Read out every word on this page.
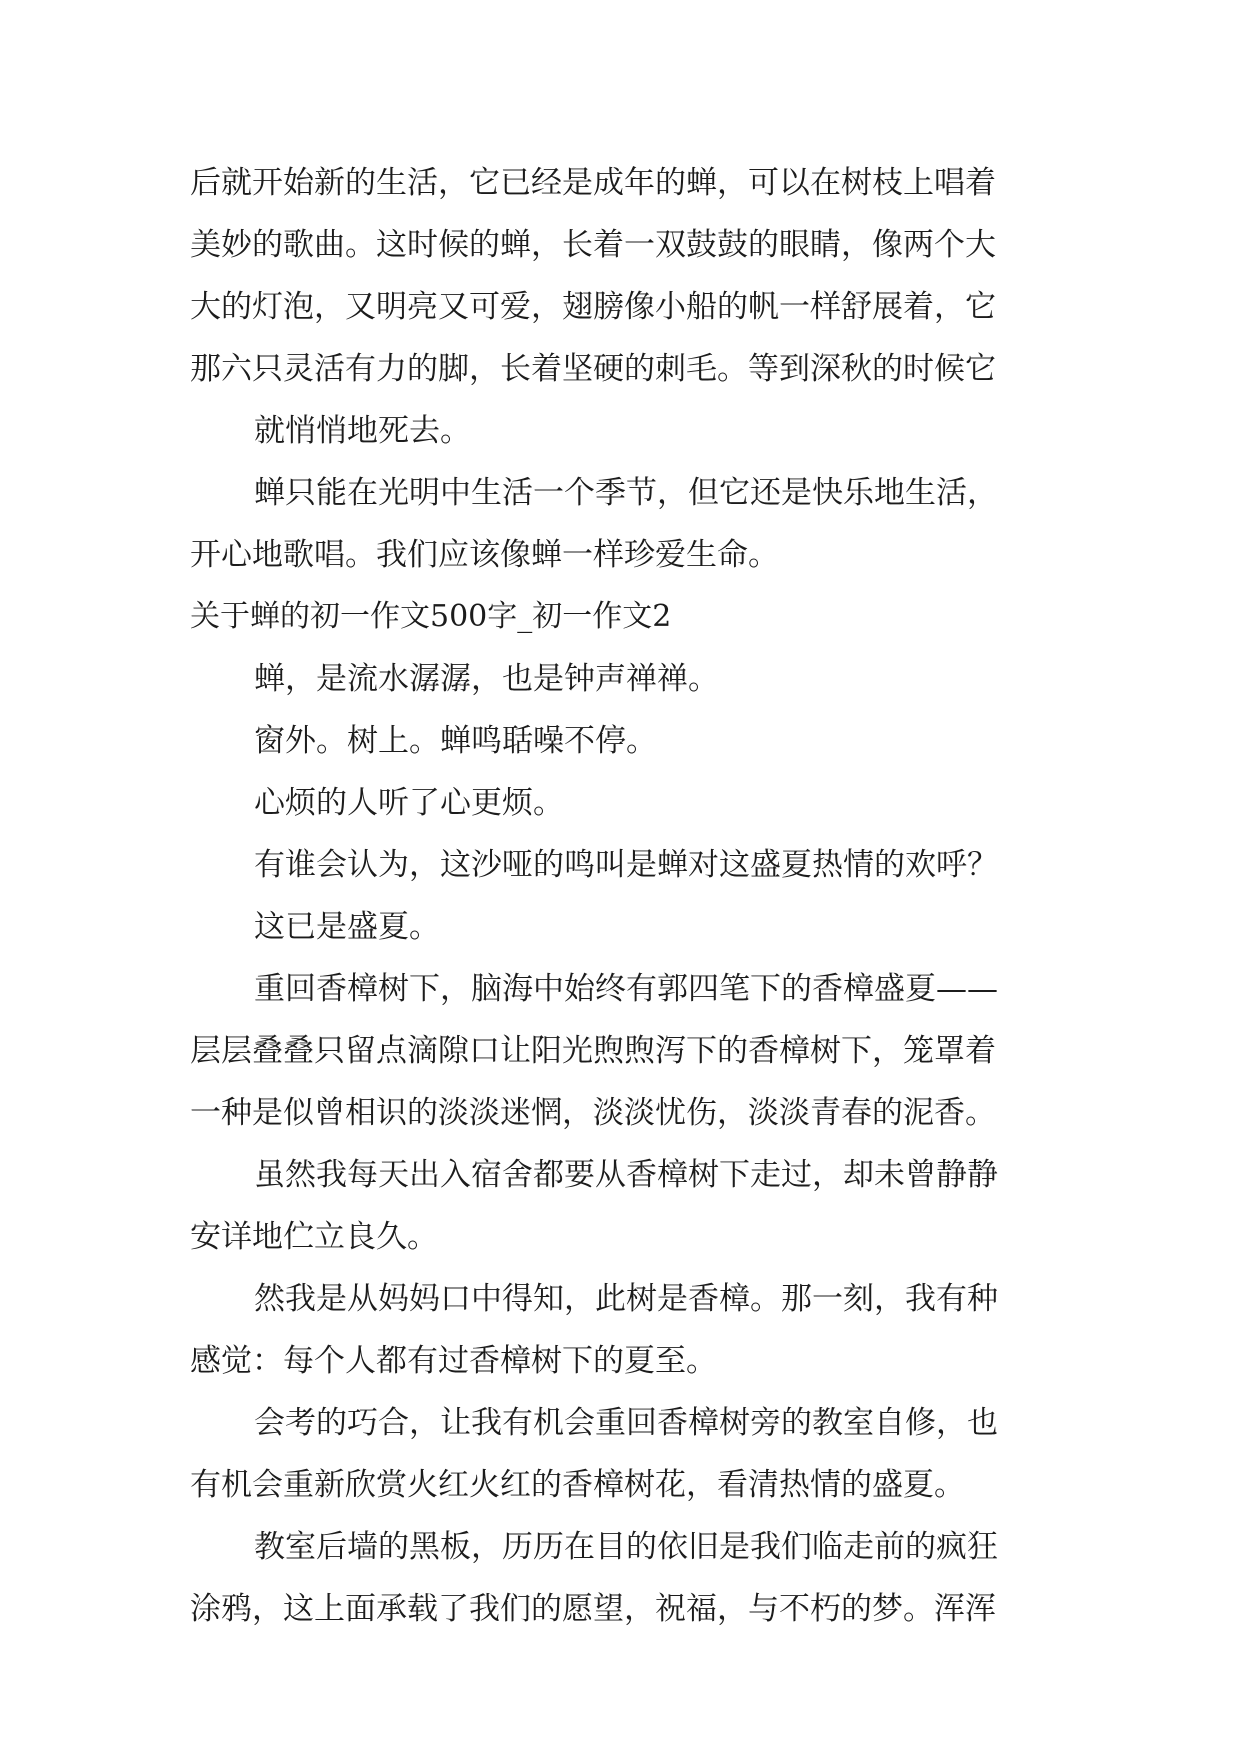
后就开始新的生活，它已经是成年的蝉，可以在树枝上唱着
美妙的歌曲。这时候的蝉，长着一双鼓鼓的眼睛，像两个大
大的灯泡，又明亮又可爱，翅膀像小船的帆一样舒展着，它
那六只灵活有力的脚，长着坚硬的刺毛。等到深秋的时候它
就悄悄地死去。
蝉只能在光明中生活一个季节，但它还是快乐地生活，
开心地歌唱。我们应该像蝉一样珍爱生命。
关于蝉的初一作文500字_初一作文2
蝉，是流水潺潺，也是钟声禅禅。
窗外。树上。蝉鸣聒噪不停。
心烦的人听了心更烦。
有谁会认为，这沙哑的鸣叫是蝉对这盛夏热情的欢呼？
这已是盛夏。
重回香樟树下，脑海中始终有郭四笔下的香樟盛夏——
层层叠叠只留点滴隙口让阳光煦煦泻下的香樟树下，笼罩着
一种是似曾相识的淡淡迷惘，淡淡忧伤，淡淡青春的泥香。
虽然我每天出入宿舍都要从香樟树下走过，却未曾静静
安详地伫立良久。
然我是从妈妈口中得知，此树是香樟。那一刻，我有种
感觉：每个人都有过香樟树下的夏至。
会考的巧合，让我有机会重回香樟树旁的教室自修，也
有机会重新欣赏火红火红的香樟树花，看清热情的盛夏。
教室后墙的黑板，历历在目的依旧是我们临走前的疯狂
涂鸦，这上面承载了我们的愿望，祝福，与不朽的梦。浑浑
